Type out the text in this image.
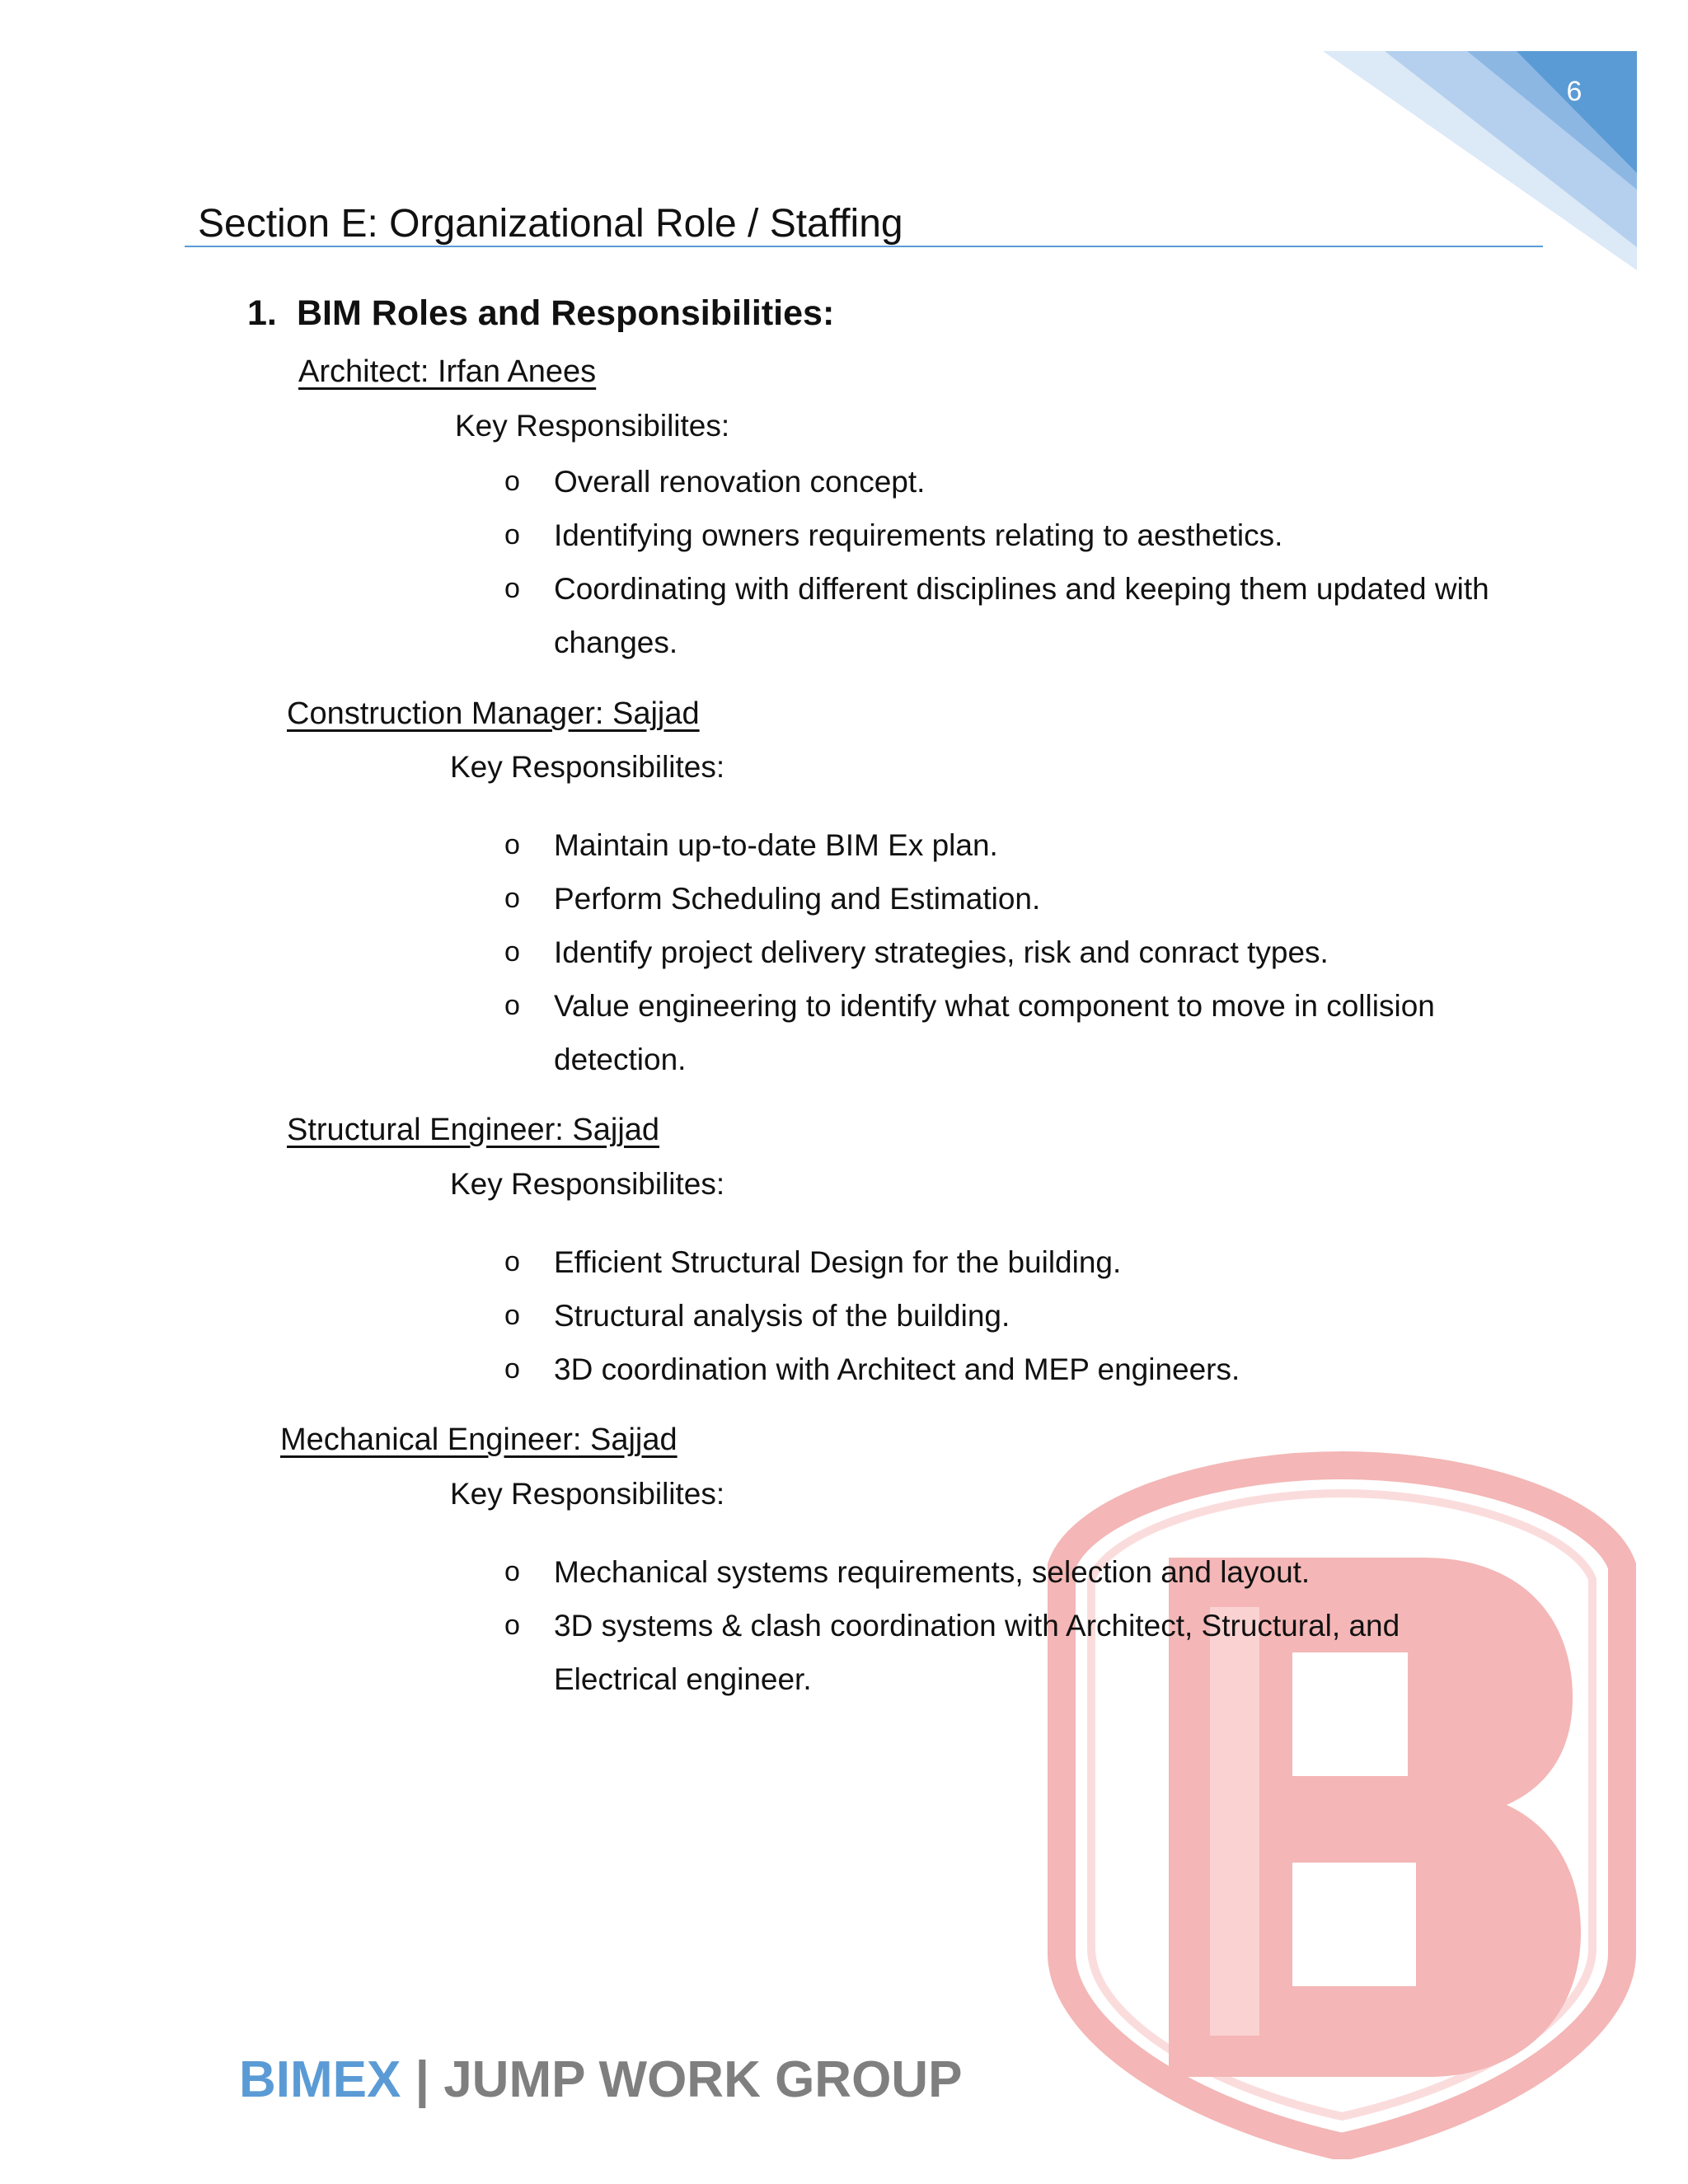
6
Section E: Organizational Role / Staffing
1. BIM Roles and Responsibilities:
Architect: Irfan Anees
Key Responsibilites:
o	Overall renovation concept.
o	Identifying owners requirements relating to aesthetics.
o	Coordinating with different disciplines and keeping them updated with changes.
Construction Manager: Sajjad
Key Responsibilites:
o	Maintain up-to-date BIM Ex plan.
o	Perform Scheduling and Estimation.
o	Identify project delivery strategies, risk and conract types.
o	Value engineering to identify what component to move in collision detection.
Structural Engineer: Sajjad
Key Responsibilites:
o	Efficient Structural Design for the building.
o	Structural analysis of the building.
o	3D coordination with Architect and MEP engineers.
Mechanical Engineer: Sajjad
Key Responsibilites:
o	Mechanical systems requirements, selection and layout.
o	3D systems & clash coordination with Architect, Structural, and Electrical engineer.
BIMEX | JUMP WORK GROUP
